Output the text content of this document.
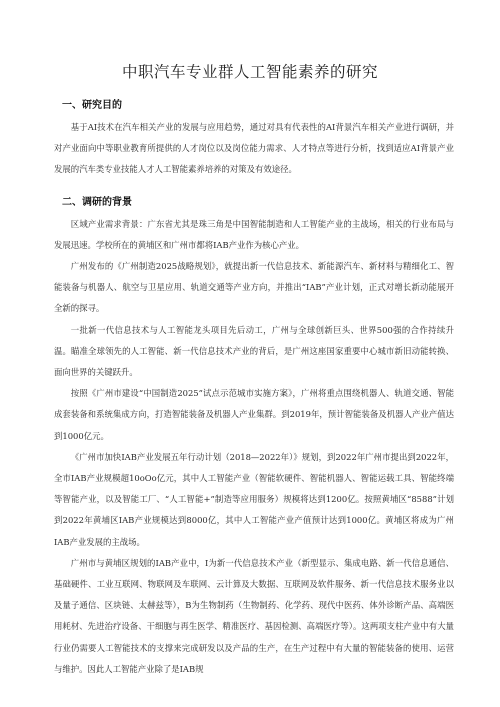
中职汽车专业群人工智能素养的研究
一、研究目的

基于AI技术在汽车相关产业的发展与应用趋势，通过对具有代表性的AI背景汽车相关产业进行调研，并对产业面向中等职业教育所提供的人才岗位以及岗位能力需求、人才特点等进行分析，找到适应AI背景产业发展的汽车类专业技能人才人工智能素养培养的对策及有效途径。

二、调研的背景

区域产业需求背景：广东省尤其是珠三角是中国智能制造和人工智能产业的主战场，相关的行业布局与发展迅速。学校所在的黄埔区和广州市都将IAB产业作为核心产业。

广州发布的《广州制造2025战略规划》，就提出新一代信息技术、新能源汽车、新材料与精细化工、智能装备与机器人、航空与卫星应用、轨道交通等产业方向，并推出“IAB”产业计划，正式对增长新动能展开全新的探寻。

一批新一代信息技术与人工智能龙头项目先后动工，广州与全球创新巨头、世界500强的合作持续升温。瞄准全球领先的人工智能、新一代信息技术产业的背后，是广州这座国家重要中心城市新旧动能转换、面向世界的关键跃升。

按照《广州市建设“中国制造2025”试点示范城市实施方案》，广州将重点围绕机器人、轨道交通、智能成套装备和系统集成方向，打造智能装备及机器人产业集群。到2019年，预计智能装备及机器人产业产值达到1000亿元。

《广州市加快IAB产业发展五年行动计划（2018—2022年）》规划，到2022年广州市提出到2022年，全市IAB产业规模超10oOo亿元，其中人工智能产业（智能软硬件、智能机器人、智能运载工具、智能终端等智能产业，以及智能工厂、“人工智能+”制造等应用服务）规模将达到1200亿。按照黄埔区“8588”计划到2022年黄埔区IAB产业规模达到8000亿，其中人工智能产业产值预计达到1000亿。黄埔区将成为广州IAB产业发展的主战场。

广州市与黄埔区规划的IAB产业中，I为新一代信息技术产业（新型显示、集成电路、新一代信息通信、基础硬件、工业互联网、物联网及车联网、云计算及大数据、互联网及软件服务、新一代信息技术服务业以及量子通信、区块链、太赫兹等），B为生物制药（生物制药、化学药、现代中医药、体外诊断产品、高端医用耗材、先进治疗设备、干细胞与再生医学、精准医疗、基因检测、高端医疗等）。这两项支柱产业中有大量行业仍需要人工智能技术的支撑来完成研发以及产品的生产，在生产过程中有大量的智能装备的使用、运营与维护。因此人工智能产业除了是IAB规
